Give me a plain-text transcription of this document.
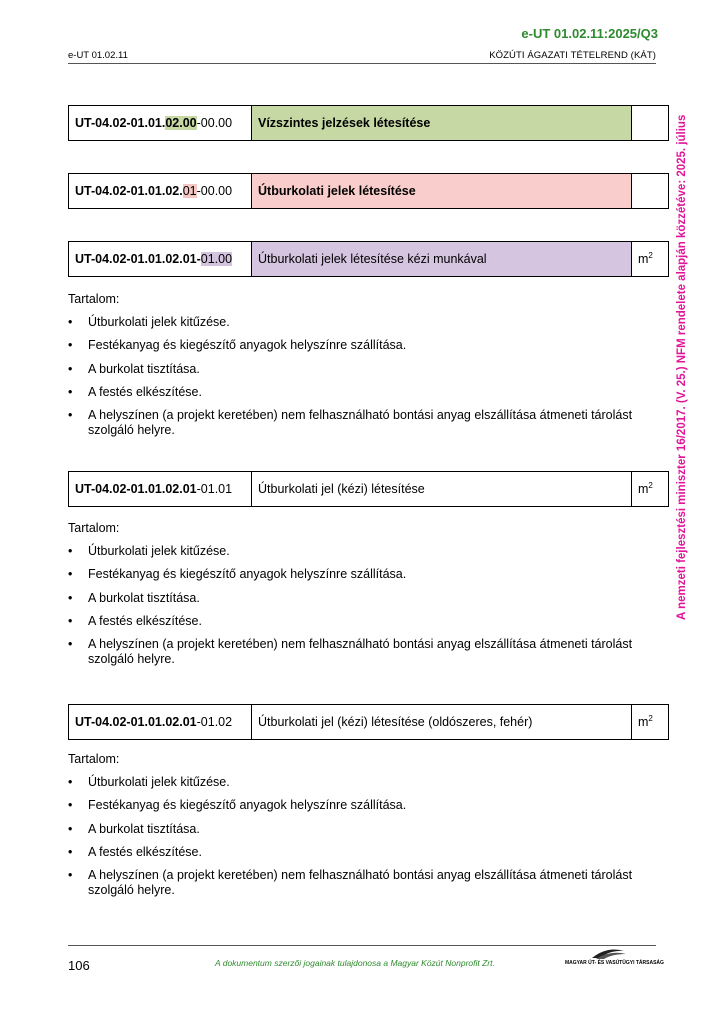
e-UT 01.02.11:2025/Q3
e-UT 01.02.11	KÖZÚTI ÁGAZATI TÉTELREND (KÁT)
A nemzeti fejlesztési miniszter 16/2017. (V. 25.) NFM rendelete alapján közzétéve: 2025. július
UT-04.02-01.01.02.00-00.00	Vízszintes jelzések létesítése	
UT-04.02-01.01.02.01-00.00	Útburkolati jelek létesítése	
UT-04.02-01.01.02.01-01.00	Útburkolati jelek létesítése kézi munkával	$m^2$

Tartalom:

• Útburkolati jelek kitűzése.
• Festékanyag és kiegészítő anyagok helyszínre szállítása.
• A burkolat tisztítása.
• A festés elkészítése.
• A helyszínen (a projekt keretében) nem felhasználható bontási anyag elszállítása átmeneti tárolást szolgáló helyre.
UT-04.02-01.01.02.01-01.01	Útburkolati jel (kézi) létesítése	$m^2$

Tartalom:

• Útburkolati jelek kitűzése.
• Festékanyag és kiegészítő anyagok helyszínre szállítása.
• A burkolat tisztítása.
• A festés elkészítése.
• A helyszínen (a projekt keretében) nem felhasználható bontási anyag elszállítása átmeneti tárolást szolgáló helyre.
UT-04.02-01.01.02.01-01.02	Útburkolati jel (kézi) létesítése (oldószeres, fehér)	$m^2$

Tartalom:

• Útburkolati jelek kitűzése.
• Festékanyag és kiegészítő anyagok helyszínre szállítása.
• A burkolat tisztítása.
• A festés elkészítése.
• A helyszínen (a projekt keretében) nem felhasználható bontási anyag elszállítása átmeneti tárolást szolgáló helyre.
106	A dokumentum szerzői jogainak tulajdonosa a Magyar Közút Nonprofit Zrt.	MAGYAR ÚT- ÉS VASÚTÜGYI TÁRSASÁG
